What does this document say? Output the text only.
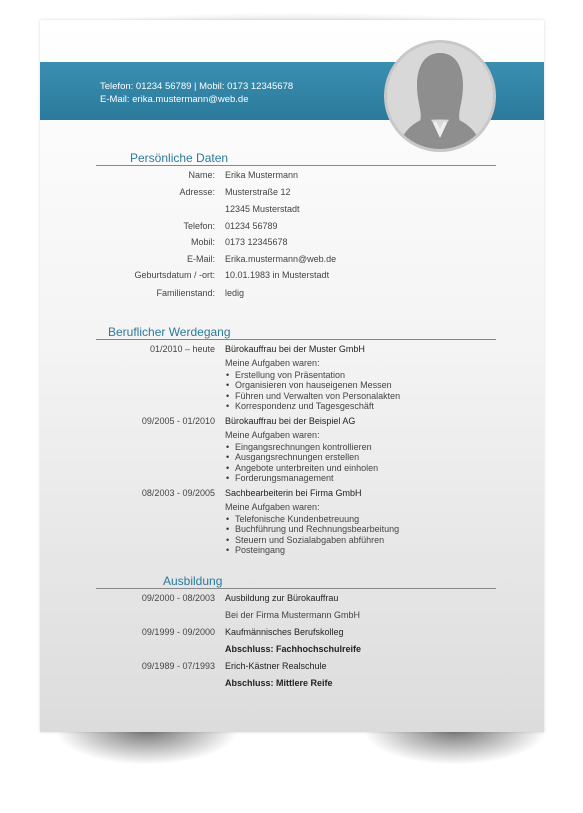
Telefon: 01234 56789 | Mobil: 0173 12345678
E-Mail: erika.mustermann@web.de
Persönliche Daten
Name: Erika Mustermann
Adresse: Musterstraße 12
12345 Musterstadt
Telefon: 01234 56789
Mobil: 0173 12345678
E-Mail: Erika.mustermann@web.de
Geburtsdatum / -ort: 10.01.1983 in Musterstadt
Familienstand: ledig
Beruflicher Werdegang
01/2010 – heute Bürokauffrau bei der Muster GmbH
Meine Aufgaben waren:
• Erstellung von Präsentation
• Organisieren von hauseigenen Messen
• Führen und Verwalten von Personalakten
• Korrespondenz und Tagesgeschäft
09/2005 - 01/2010 Bürokauffrau bei der Beispiel AG
Meine Aufgaben waren:
• Eingangsrechnungen kontrollieren
• Ausgangsrechnungen erstellen
• Angebote unterbreiten und einholen
• Forderungsmanagement
08/2003 - 09/2005 Sachbearbeiterin bei Firma GmbH
Meine Aufgaben waren:
• Telefonische Kundenbetreuung
• Buchführung und Rechnungsbearbeitung
• Steuern und Sozialabgaben abführen
• Posteingang
Ausbildung
09/2000 - 08/2003 Ausbildung zur Bürokauffrau
Bei der Firma Mustermann GmbH
09/1999 - 09/2000 Kaufmännisches Berufskolleg
Abschluss: Fachhochschulreife
09/1989 - 07/1993 Erich-Kästner Realschule
Abschluss: Mittlere Reife
